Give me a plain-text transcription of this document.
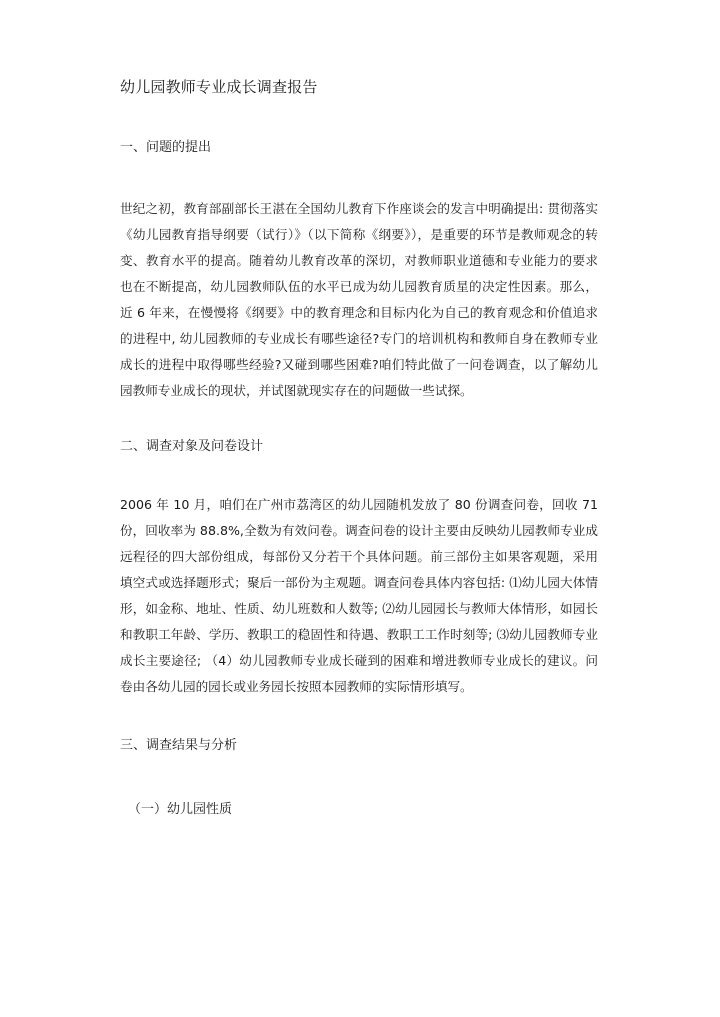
幼儿园教师专业成长调查报告
一、问题的提出
世纪之初，教育部副部长王湛在全国幼儿教育下作座谈会的发言中明确提出: 贯彻落实《幼儿园教育指导纲要（试行）》（以下简称《纲要》），是重要的环节是教师观念的转变、教育水平的提高。随着幼儿教育改革的深切，对教师职业道德和专业能力的要求也在不断提高，幼儿园教师队伍的水平已成为幼儿园教育质星的决定性因素。那么，近 6 年来，在慢慢将《纲要》中的教育理念和目标内化为自己的教育观念和价值追求的进程中, 幼儿园教师的专业成长有哪些途径?专门的培训机构和教师自身在教师专业成长的进程中取得哪些经验?又碰到哪些困难?咱们特此做了一问卷调查，以了解幼儿园教师专业成长的现状，并试图就现实存在的问题做一些试探。
二、调查对象及问卷设计
2006 年 10 月，咱们在广州市荔湾区的幼儿园随机发放了 80 份调查问卷，回收 71 份，回收率为 88.8%,全数为有效问卷。调查问卷的设计主要由反映幼儿园教师专业成远程径的四大部份组成，每部份又分若干个具体问题。前三部份主如果客观题，采用填空式或选择题形式；聚后一部份为主观题。调查问卷具体内容包括: ⑴幼儿园大体情形，如金称、地址、性质、幼儿班数和人数等; ⑵幼儿园园长与教师大体情形，如园长和教职工年龄、学历、教职工的稳固性和待遇、教职工工作时刻等; ⑶幼儿园教师专业成长主要途径; （4）幼儿园教师专业成长碰到的困难和增进教师专业成长的建议。问卷由各幼儿园的园长或业务园长按照本园教师的实际情形填写。
三、调查结果与分析
（一）幼儿园性质
